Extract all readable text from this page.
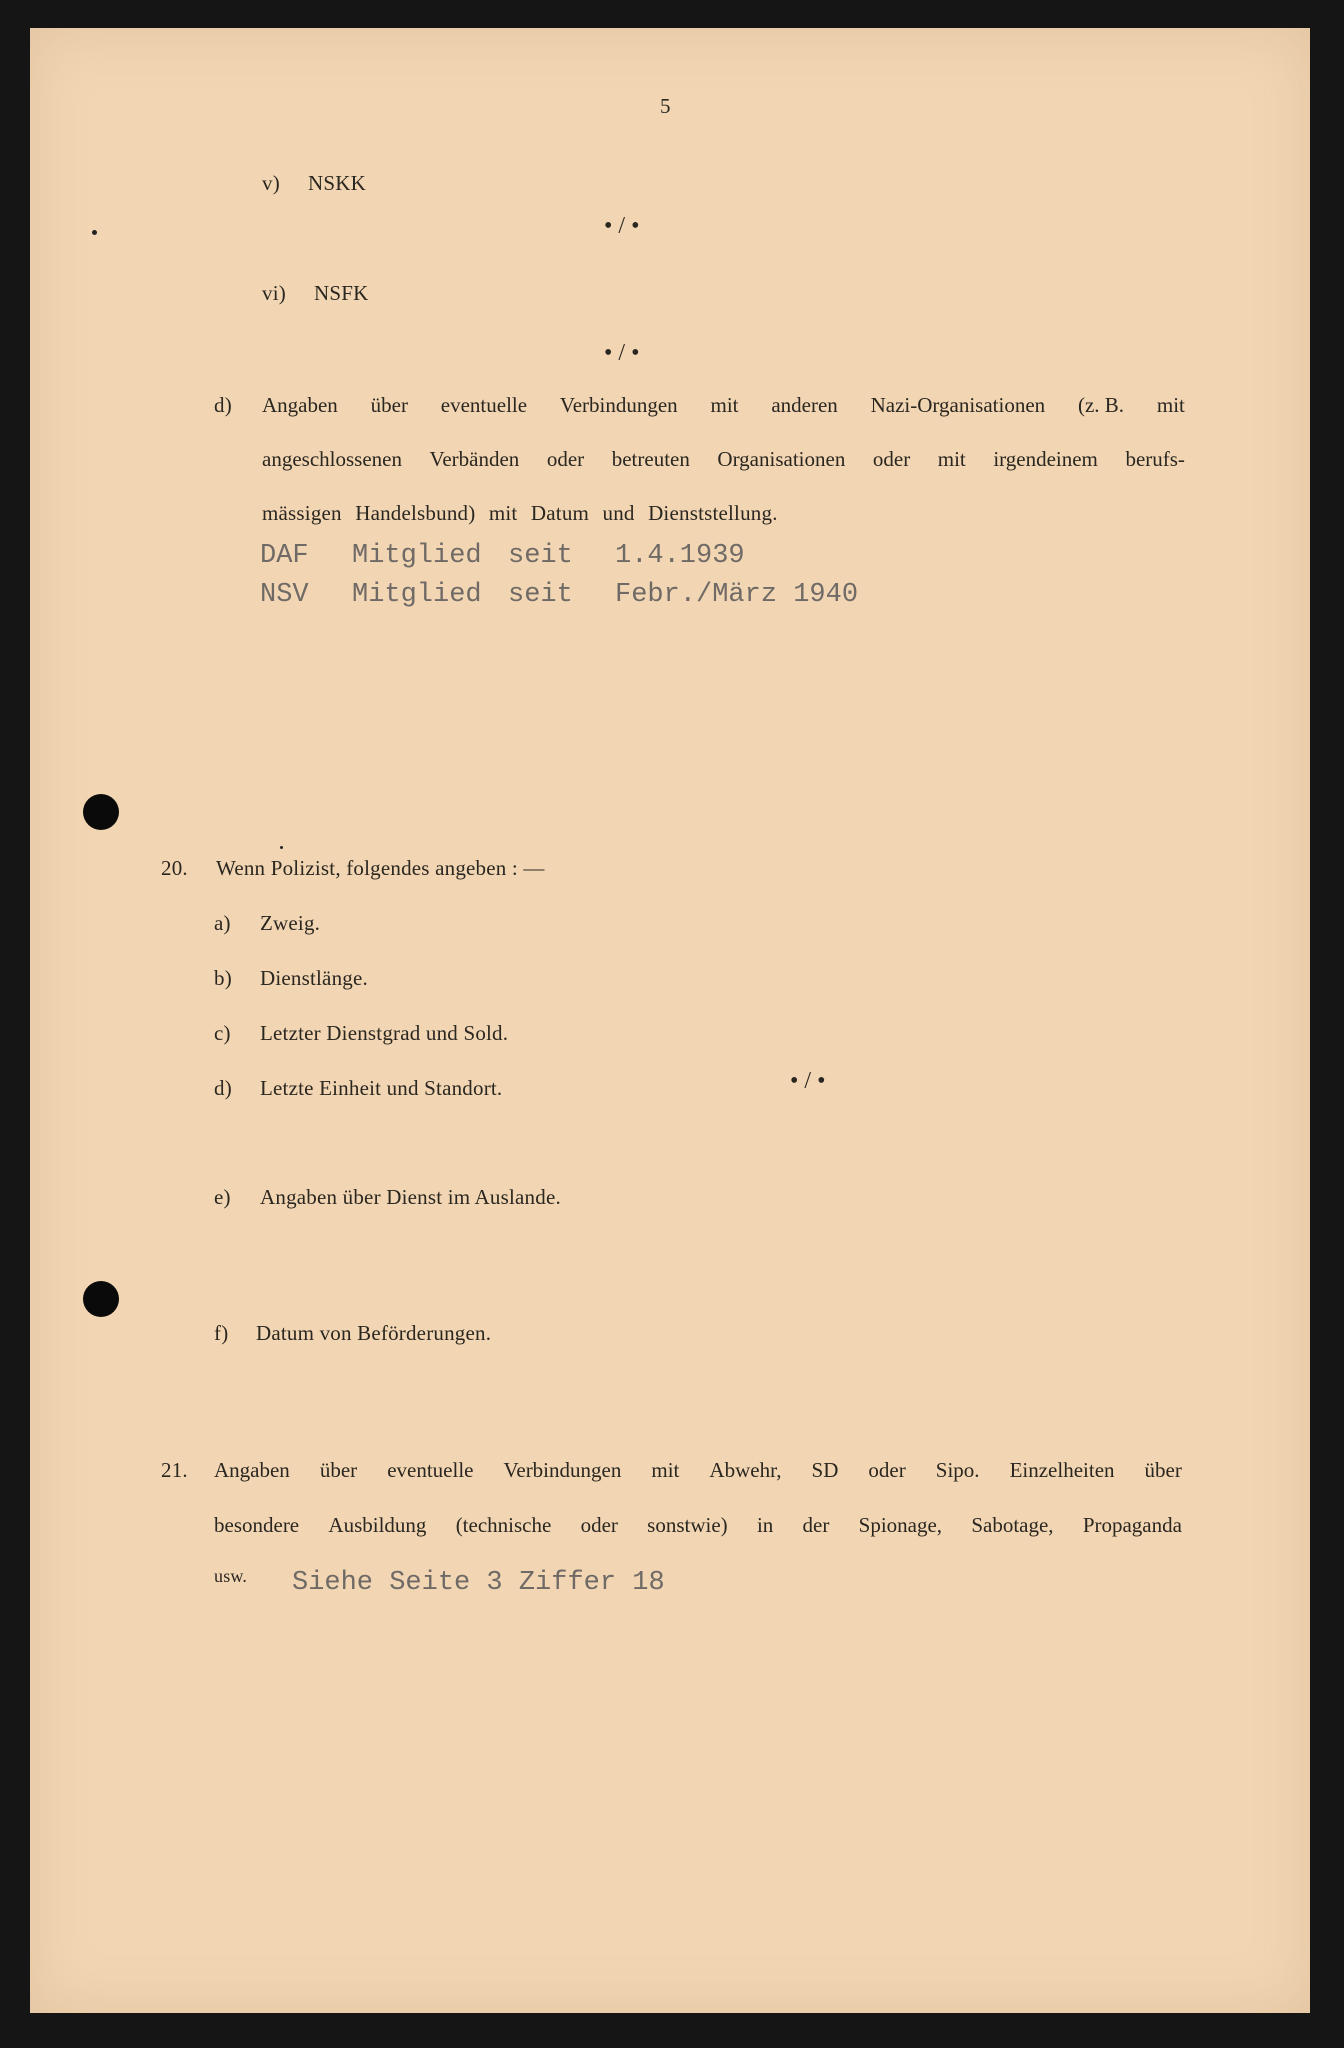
5
v) NSKK
• / •
vi) NSFK
• / •
d) Angaben über eventuelle Verbindungen mit anderen Nazi-Organisationen (z. B. mit
angeschlossenen Verbänden oder betreuten Organisationen oder mit irgendeinem berufs-
mässigen Handelsbund) mit Datum und Dienststellung.
DAF Mitglied seit 1.4.1939
NSV Mitglied seit Febr./März 1940
20. Wenn Polizist, folgendes angeben : —
a) Zweig.
b) Dienstlänge.
c) Letzter Dienstgrad und Sold.
d) Letzte Einheit und Standort.	• / •
e) Angaben über Dienst im Auslande.
f) Datum von Beförderungen.
21. Angaben über eventuelle Verbindungen mit Abwehr, SD oder Sipo. Einzelheiten über
besondere Ausbildung (technische oder sonstwie) in der Spionage, Sabotage, Propaganda
usw. Siehe Seite 3 Ziffer 18
